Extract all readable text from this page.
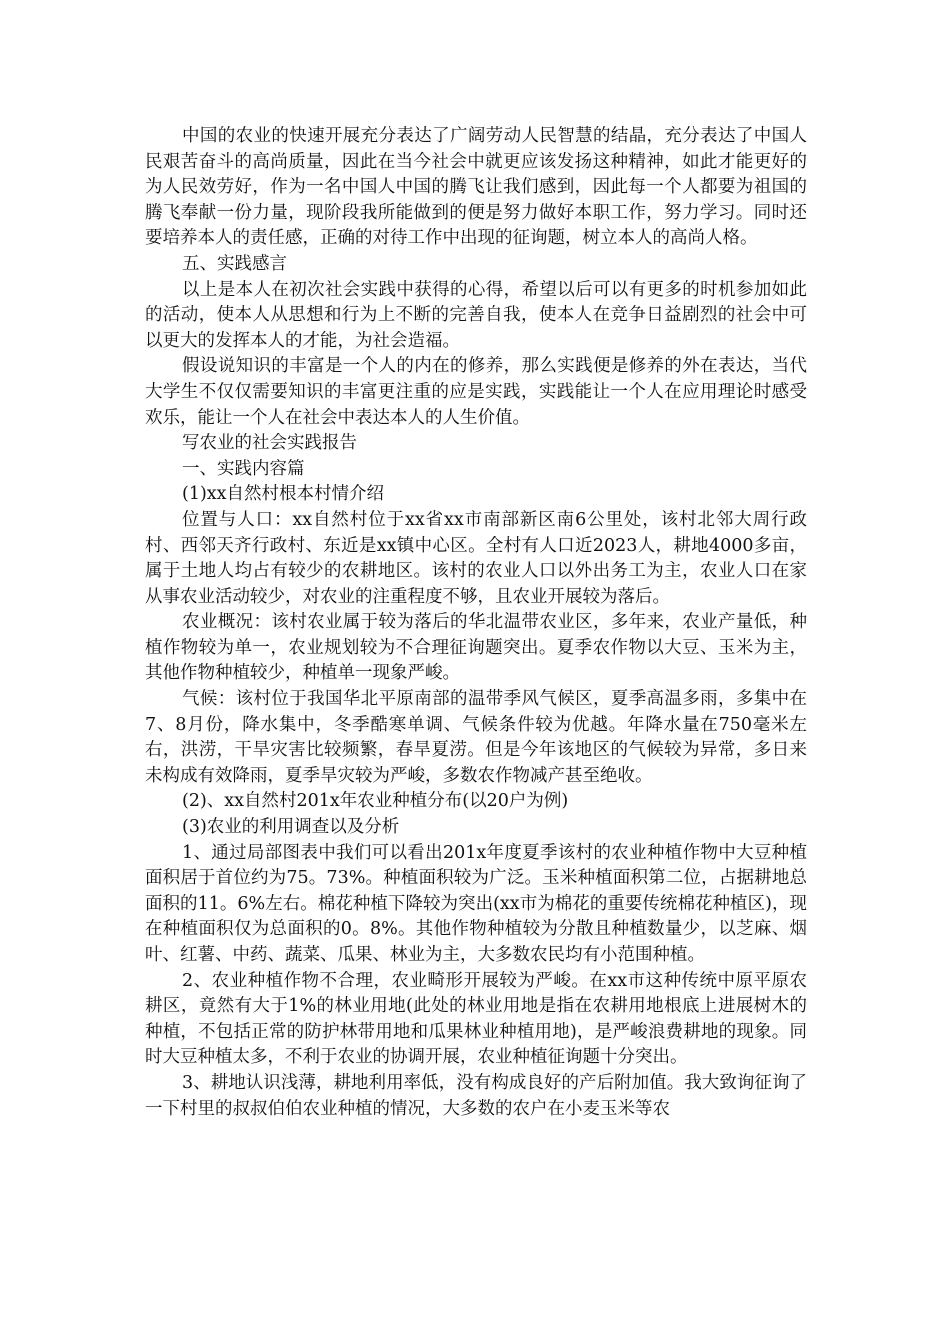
中国的农业的快速开展充分表达了广阔劳动人民智慧的结晶，充分表达了中国人民艰苦奋斗的高尚质量，因此在当今社会中就更应该发扬这种精神，如此才能更好的为人民效劳好，作为一名中国人中国的腾飞让我们感到，因此每一个人都要为祖国的腾飞奉献一份力量，现阶段我所能做到的便是努力做好本职工作，努力学习。同时还要培养本人的责任感，正确的对待工作中出现的征询题，树立本人的高尚人格。

五、实践感言

以上是本人在初次社会实践中获得的心得，希望以后可以有更多的时机参加如此的活动，使本人从思想和行为上不断的完善自我，使本人在竞争日益剧烈的社会中可以更大的发挥本人的才能，为社会造福。

假设说知识的丰富是一个人的内在的修养，那么实践便是修养的外在表达，当代大学生不仅仅需要知识的丰富更注重的应是实践，实践能让一个人在应用理论时感受欢乐，能让一个人在社会中表达本人的人生价值。

写农业的社会实践报告

一、实践内容篇

(1)xx自然村根本村情介绍

位置与人口：xx自然村位于xx省xx市南部新区南6公里处，该村北邻大周行政村、西邻天齐行政村、东近是xx镇中心区。全村有人口近2023人，耕地4000多亩，属于土地人均占有较少的农耕地区。该村的农业人口以外出务工为主，农业人口在家从事农业活动较少，对农业的注重程度不够，且农业开展较为落后。

农业概况：该村农业属于较为落后的华北温带农业区，多年来，农业产量低，种植作物较为单一，农业规划较为不合理征询题突出。夏季农作物以大豆、玉米为主，其他作物种植较少，种植单一现象严峻。

气候：该村位于我国华北平原南部的温带季风气候区，夏季高温多雨，多集中在7、8月份，降水集中，冬季酷寒单调、气候条件较为优越。年降水量在750毫米左右，洪涝，干旱灾害比较频繁，春旱夏涝。但是今年该地区的气候较为异常，多日来未构成有效降雨，夏季旱灾较为严峻，多数农作物减产甚至绝收。

(2)、xx自然村201x年农业种植分布(以20户为例)

(3)农业的利用调查以及分析

1、通过局部图表中我们可以看出201x年度夏季该村的农业种植作物中大豆种植面积居于首位约为75。73%。种植面积较为广泛。玉米种植面积第二位，占据耕地总面积的11。6%左右。棉花种植下降较为突出(xx市为棉花的重要传统棉花种植区)，现在种植面积仅为总面积的0。8%。其他作物种植较为分散且种植数量少，以芝麻、烟叶、红薯、中药、蔬菜、瓜果、林业为主，大多数农民均有小范围种植。

2、农业种植作物不合理，农业畸形开展较为严峻。在xx市这种传统中原平原农耕区，竟然有大于1%的林业用地(此处的林业用地是指在农耕用地根底上进展树木的种植，不包括正常的防护林带用地和瓜果林业种植用地)，是严峻浪费耕地的现象。同时大豆种植太多，不利于农业的协调开展，农业种植征询题十分突出。

3、耕地认识浅薄，耕地利用率低，没有构成良好的产后附加值。我大致询征询了一下村里的叔叔伯伯农业种植的情况，大多数的农户在小麦玉米等农
